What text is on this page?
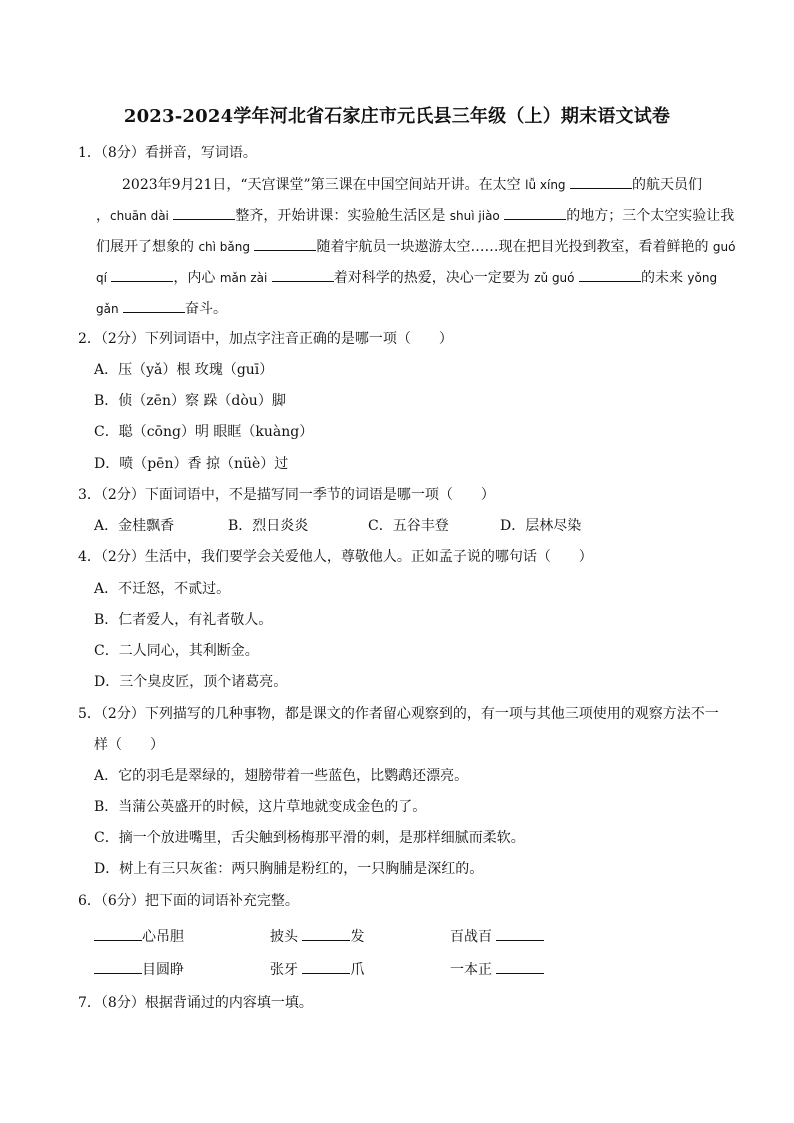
2023-2024学年河北省石家庄市元氏县三年级（上）期末语文试卷
1．（8分）看拼音，写词语。
2023年9月21日，“天宫课堂”第三课在中国空间站开讲。在太空 lǚ xíng	的航天员们
，chuān dài	整齐，开始讲课：实验舱生活区是 shuì jiào	的地方；三个太空实验让我
们展开了想象的 chì bǎng	随着宇航员一块遨游太空……现在把目光投到教室，看着鲜艳的 guó
qí	，内心 mǎn zài	着对科学的热爱，决心一定要为 zǔ guó	的未来 yǒng
gǎn	奋斗。
2．（2分）下列词语中，加点字注音正确的是哪一项（　　）
A．压（yǎ）根 玫瑰（guī）
B．侦（zēn）察 跺（dòu）脚
C．聪（cōng）明 眼眶（kuàng）
D．喷（pēn）香 掠（nüè）过
3．（2分）下面词语中，不是描写同一季节的词语是哪一项（　　）
A．金桂飘香	B．烈日炎炎	C．五谷丰登	D．层林尽染
4．（2分）生活中，我们要学会关爱他人，尊敬他人。正如孟子说的哪句话（　　）
A．不迁怒，不贰过。
B．仁者爱人，有礼者敬人。
C．二人同心，其利断金。
D．三个臭皮匠，顶个诸葛亮。
5．（2分）下列描写的几种事物，都是课文的作者留心观察到的，有一项与其他三项使用的观察方法不一
样（　　）
A．它的羽毛是翠绿的，翅膀带着一些蓝色，比鹦鹉还漂亮。
B．当蒲公英盛开的时候，这片草地就变成金色的了。
C．摘一个放进嘴里，舌尖触到杨梅那平滑的刺，是那样细腻而柔软。
D．树上有三只灰雀：两只胸脯是粉红的，一只胸脯是深红的。
6．（6分）把下面的词语补充完整。
心吊胆	披头	发	百战百
目圆睁	张牙	爪	一本正
7．（8分）根据背诵过的内容填一填。
